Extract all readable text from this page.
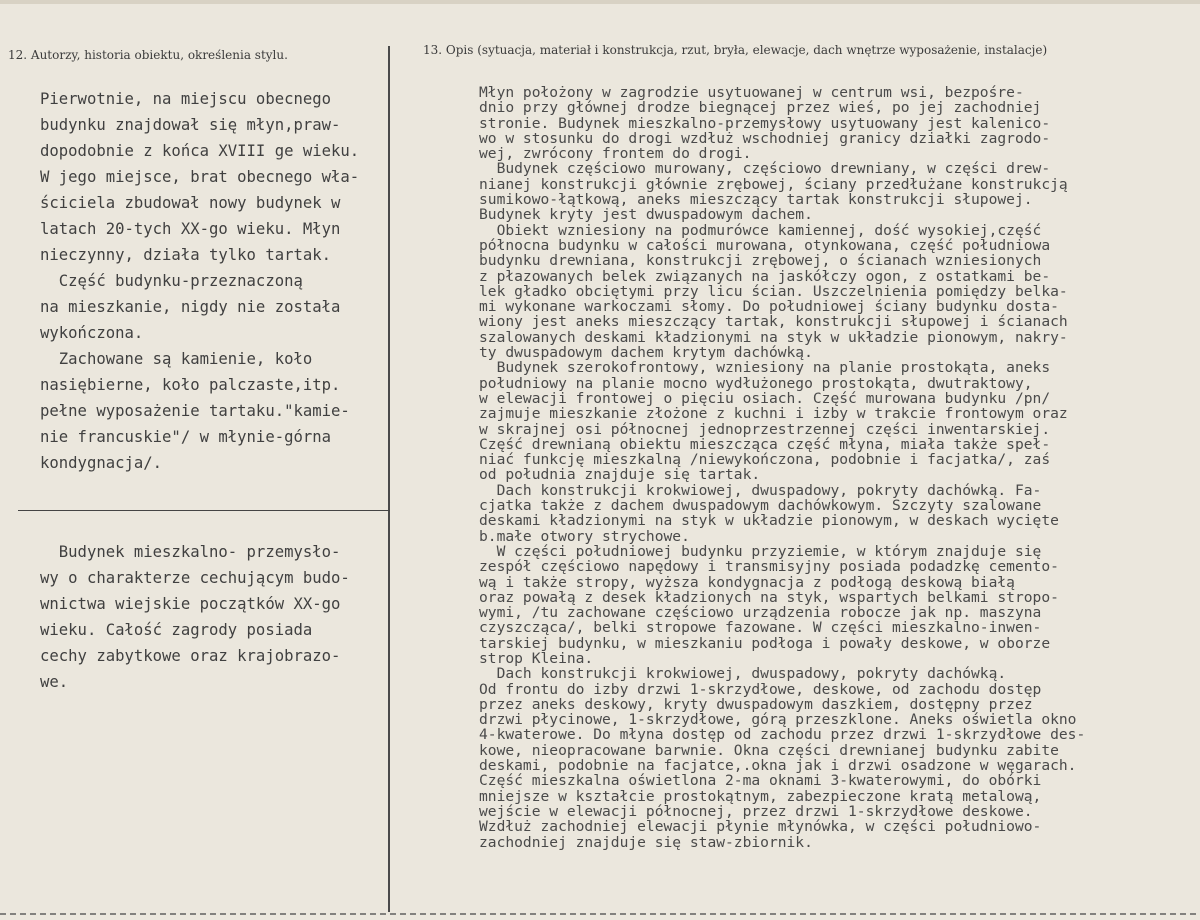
12. Autorzy, historia obiektu, określenia stylu.	13. Opis (sytuacja, materiał i konstrukcja, rzut, bryła, elewacje, dach wnętrze wyposażenie, instalacje)

Pierwotnie, na miejscu obecnego

budynku znajdował się młyn,praw-

dopodobnie z końca XVIII ge wieku.

W jego miejsce, brat obecnego wła-

ściciela zbudował nowy budynek w

latach 20-tych XX-go wieku. Młyn

nieczynny, działa tylko tartak.

Część budynku-przeznaczoną

na mieszkanie, nigdy nie została

wykończona.

Zachowane są kamienie, koło

nasiębierne, koło palczaste,itp.

pełne wyposażenie tartaku."kamie-

nie francuskie"/ w młynie-górna

kondygnacja/.

Budynek mieszkalno- przemysło-

wy o charakterze cechującym budo-

wnictwa wiejskie początków XX-go

wieku. Całość zagrody posiada

cechy zabytkowe oraz krajobrazo-

we.

Młyn położony w zagrodzie usytuowanej w centrum wsi, bezpośre-

dnio przy głównej drodze biegnącej przez wieś, po jej zachodniej

stronie. Budynek mieszkalno-przemysłowy usytuowany jest kalenico-

wo w stosunku do drogi wzdłuż wschodniej granicy działki zagrodo-

wej, zwrócony frontem do drogi.

Budynek częściowo murowany, częściowo drewniany, w części drew-

nianej konstrukcji głównie zrębowej, ściany przedłużane konstrukcją

sumikowo-łątkową, aneks mieszczący tartak konstrukcji słupowej.

Budynek kryty jest dwuspadowym dachem.

Obiekt wzniesiony na podmurówce kamiennej, dość wysokiej,część

północna budynku w całości murowana, otynkowana, część południowa

budynku drewniana, konstrukcji zrębowej, o ścianach wzniesionych

z płazowanych belek związanych na jaskółczy ogon, z ostatkami be-

lek gładko obciętymi przy licu ścian. Uszczelnienia pomiędzy belka-

mi wykonane warkoczami słomy. Do południowej ściany budynku dosta-

wiony jest aneks mieszczący tartak, konstrukcji słupowej i ścianach

szalowanych deskami kładzionymi na styk w układzie pionowym, nakry-

ty dwuspadowym dachem krytym dachówką.

Budynek szerokofrontowy, wzniesiony na planie prostokąta, aneks

południowy na planie mocno wydłużonego prostokąta, dwutraktowy,

w elewacji frontowej o pięciu osiach. Część murowana budynku /pn/

zajmuje mieszkanie złożone z kuchni i izby w trakcie frontowym oraz

w skrajnej osi północnej jednoprzestrzennej części inwentarskiej.

Część drewnianą obiektu mieszcząca część młyna, miała także speł-

niać funkcję mieszkalną /niewykończona, podobnie i facjatka/, zaś

od południa znajduje się tartak.

Dach konstrukcji krokwiowej, dwuspadowy, pokryty dachówką. Fa-

cjatka także z dachem dwuspadowym dachówkowym. Szczyty szalowane

deskami kładzionymi na styk w układzie pionowym, w deskach wycięte

b.małe otwory strychowe.

W części południowej budynku przyziemie, w którym znajduje się

zespół częściowo napędowy i transmisyjny posiada podadzkę cemento-

wą i także stropy, wyższa kondygnacja z podłogą deskową białą

oraz powałą z desek kładzionych na styk, wspartych belkami stropo-

wymi, /tu zachowane częściowo urządzenia robocze jak np. maszyna

czyszcząca/, belki stropowe fazowane. W części mieszkalno-inwen-

tarskiej budynku, w mieszkaniu podłoga i powały deskowe, w oborze

strop Kleina.

Dach konstrukcji krokwiowej, dwuspadowy, pokryty dachówką.

Od frontu do izby drzwi 1-skrzydłowe, deskowe, od zachodu dostęp

przez aneks deskowy, kryty dwuspadowym daszkiem, dostępny przez

drzwi płycinowe, 1-skrzydłowe, górą przeszklone. Aneks oświetla okno

4-kwaterowe. Do młyna dostęp od zachodu przez drzwi 1-skrzydłowe des-

kowe, nieopracowane barwnie. Okna części drewnianej budynku zabite

deskami, podobnie na facjatce,.okna jak i drzwi osadzone w węgarach.

Część mieszkalna oświetlona 2-ma oknami 3-kwaterowymi, do obórki

mniejsze w kształcie prostokątnym, zabezpieczone kratą metalową,

wejście w elewacji północnej, przez drzwi 1-skrzydłowe deskowe.

Wzdłuż zachodniej elewacji płynie młynówka, w części południowo-

zachodniej znajduje się staw-zbiornik.
